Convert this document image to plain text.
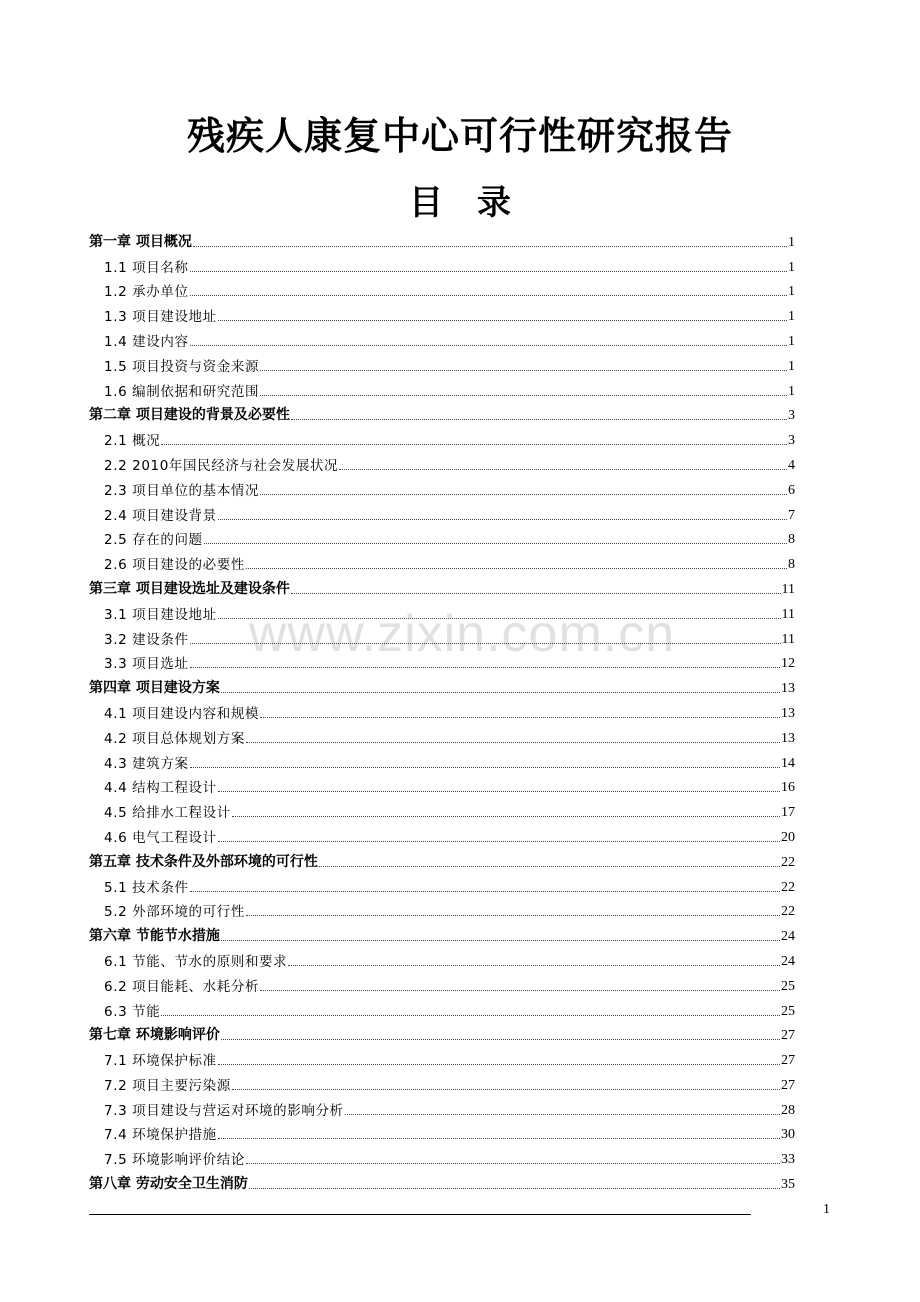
残疾人康复中心可行性研究报告
目　录
www.zixin.com.cn
第一章 项目概况	1
1.1 项目名称	1
1.2 承办单位	1
1.3 项目建设地址	1
1.4 建设内容	1
1.5 项目投资与资金来源	1
1.6 编制依据和研究范围	1
第二章 项目建设的背景及必要性	3
2.1 概况	3
2.2 2010年国民经济与社会发展状况	4
2.3 项目单位的基本情况	6
2.4 项目建设背景	7
2.5 存在的问题	8
2.6 项目建设的必要性	8
第三章 项目建设选址及建设条件	11
3.1 项目建设地址	11
3.2 建设条件	11
3.3 项目选址	12
第四章 项目建设方案	13
4.1 项目建设内容和规模	13
4.2 项目总体规划方案	13
4.3 建筑方案	14
4.4 结构工程设计	16
4.5 给排水工程设计	17
4.6 电气工程设计	20
第五章 技术条件及外部环境的可行性	22
5.1 技术条件	22
5.2 外部环境的可行性	22
第六章 节能节水措施	24
6.1 节能、节水的原则和要求	24
6.2 项目能耗、水耗分析	25
6.3 节能	25
第七章 环境影响评价	27
7.1 环境保护标准	27
7.2 项目主要污染源	27
7.3 项目建设与营运对环境的影响分析	28
7.4 环境保护措施	30
7.5 环境影响评价结论	33
第八章 劳动安全卫生消防	35
1
